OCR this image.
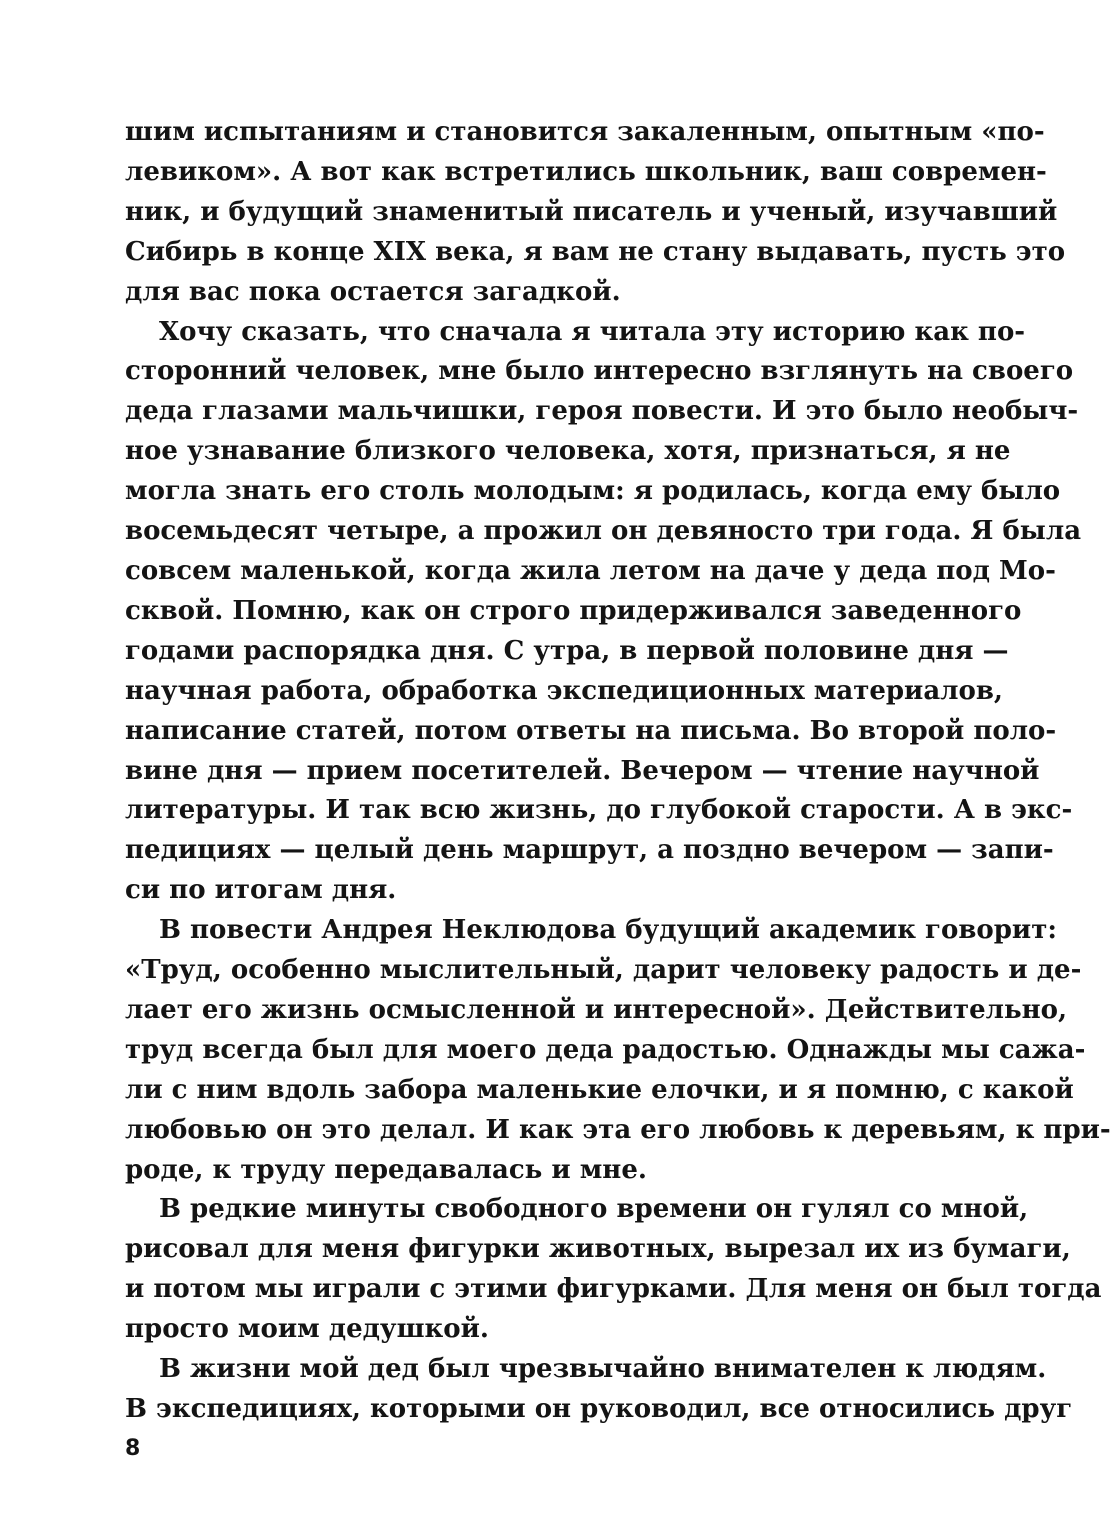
шим испытаниям и становится закаленным, опытным «по-
левиком». А вот как встретились школьник, ваш современ-
ник, и будущий знаменитый писатель и ученый, изучавший
Сибирь в конце XIX века, я вам не стану выдавать, пусть это
для вас пока остается загадкой.

Хочу сказать, что сначала я читала эту историю как по-
сторонний человек, мне было интересно взглянуть на своего
деда глазами мальчишки, героя повести. И это было необыч-
ное узнавание близкого человека, хотя, признаться, я не
могла знать его столь молодым: я родилась, когда ему было
восемьдесят четыре, а прожил он девяносто три года. Я была
совсем маленькой, когда жила летом на даче у деда под Мо-
сквой. Помню, как он строго придерживался заведенного
годами распорядка дня. С утра, в первой половине дня —
научная работа, обработка экспедиционных материалов,
написание статей, потом ответы на письма. Во второй поло-
вине дня — прием посетителей. Вечером — чтение научной
литературы. И так всю жизнь, до глубокой старости. А в экс-
педициях — целый день маршрут, а поздно вечером — запи-
си по итогам дня.

В повести Андрея Неклюдова будущий академик говорит:
«Труд, особенно мыслительный, дарит человеку радость и де-
лает его жизнь осмысленной и интересной». Действительно,
труд всегда был для моего деда радостью. Однажды мы сажа-
ли с ним вдоль забора маленькие елочки, и я помню, с какой
любовью он это делал. И как эта его любовь к деревьям, к при-
роде, к труду передавалась и мне.

В редкие минуты свободного времени он гулял со мной,
рисовал для меня фигурки животных, вырезал их из бумаги,
и потом мы играли с этими фигурками. Для меня он был тогда
просто моим дедушкой.

В жизни мой дед был чрезвычайно внимателен к людям.
В экспедициях, которыми он руководил, все относились друг

8
